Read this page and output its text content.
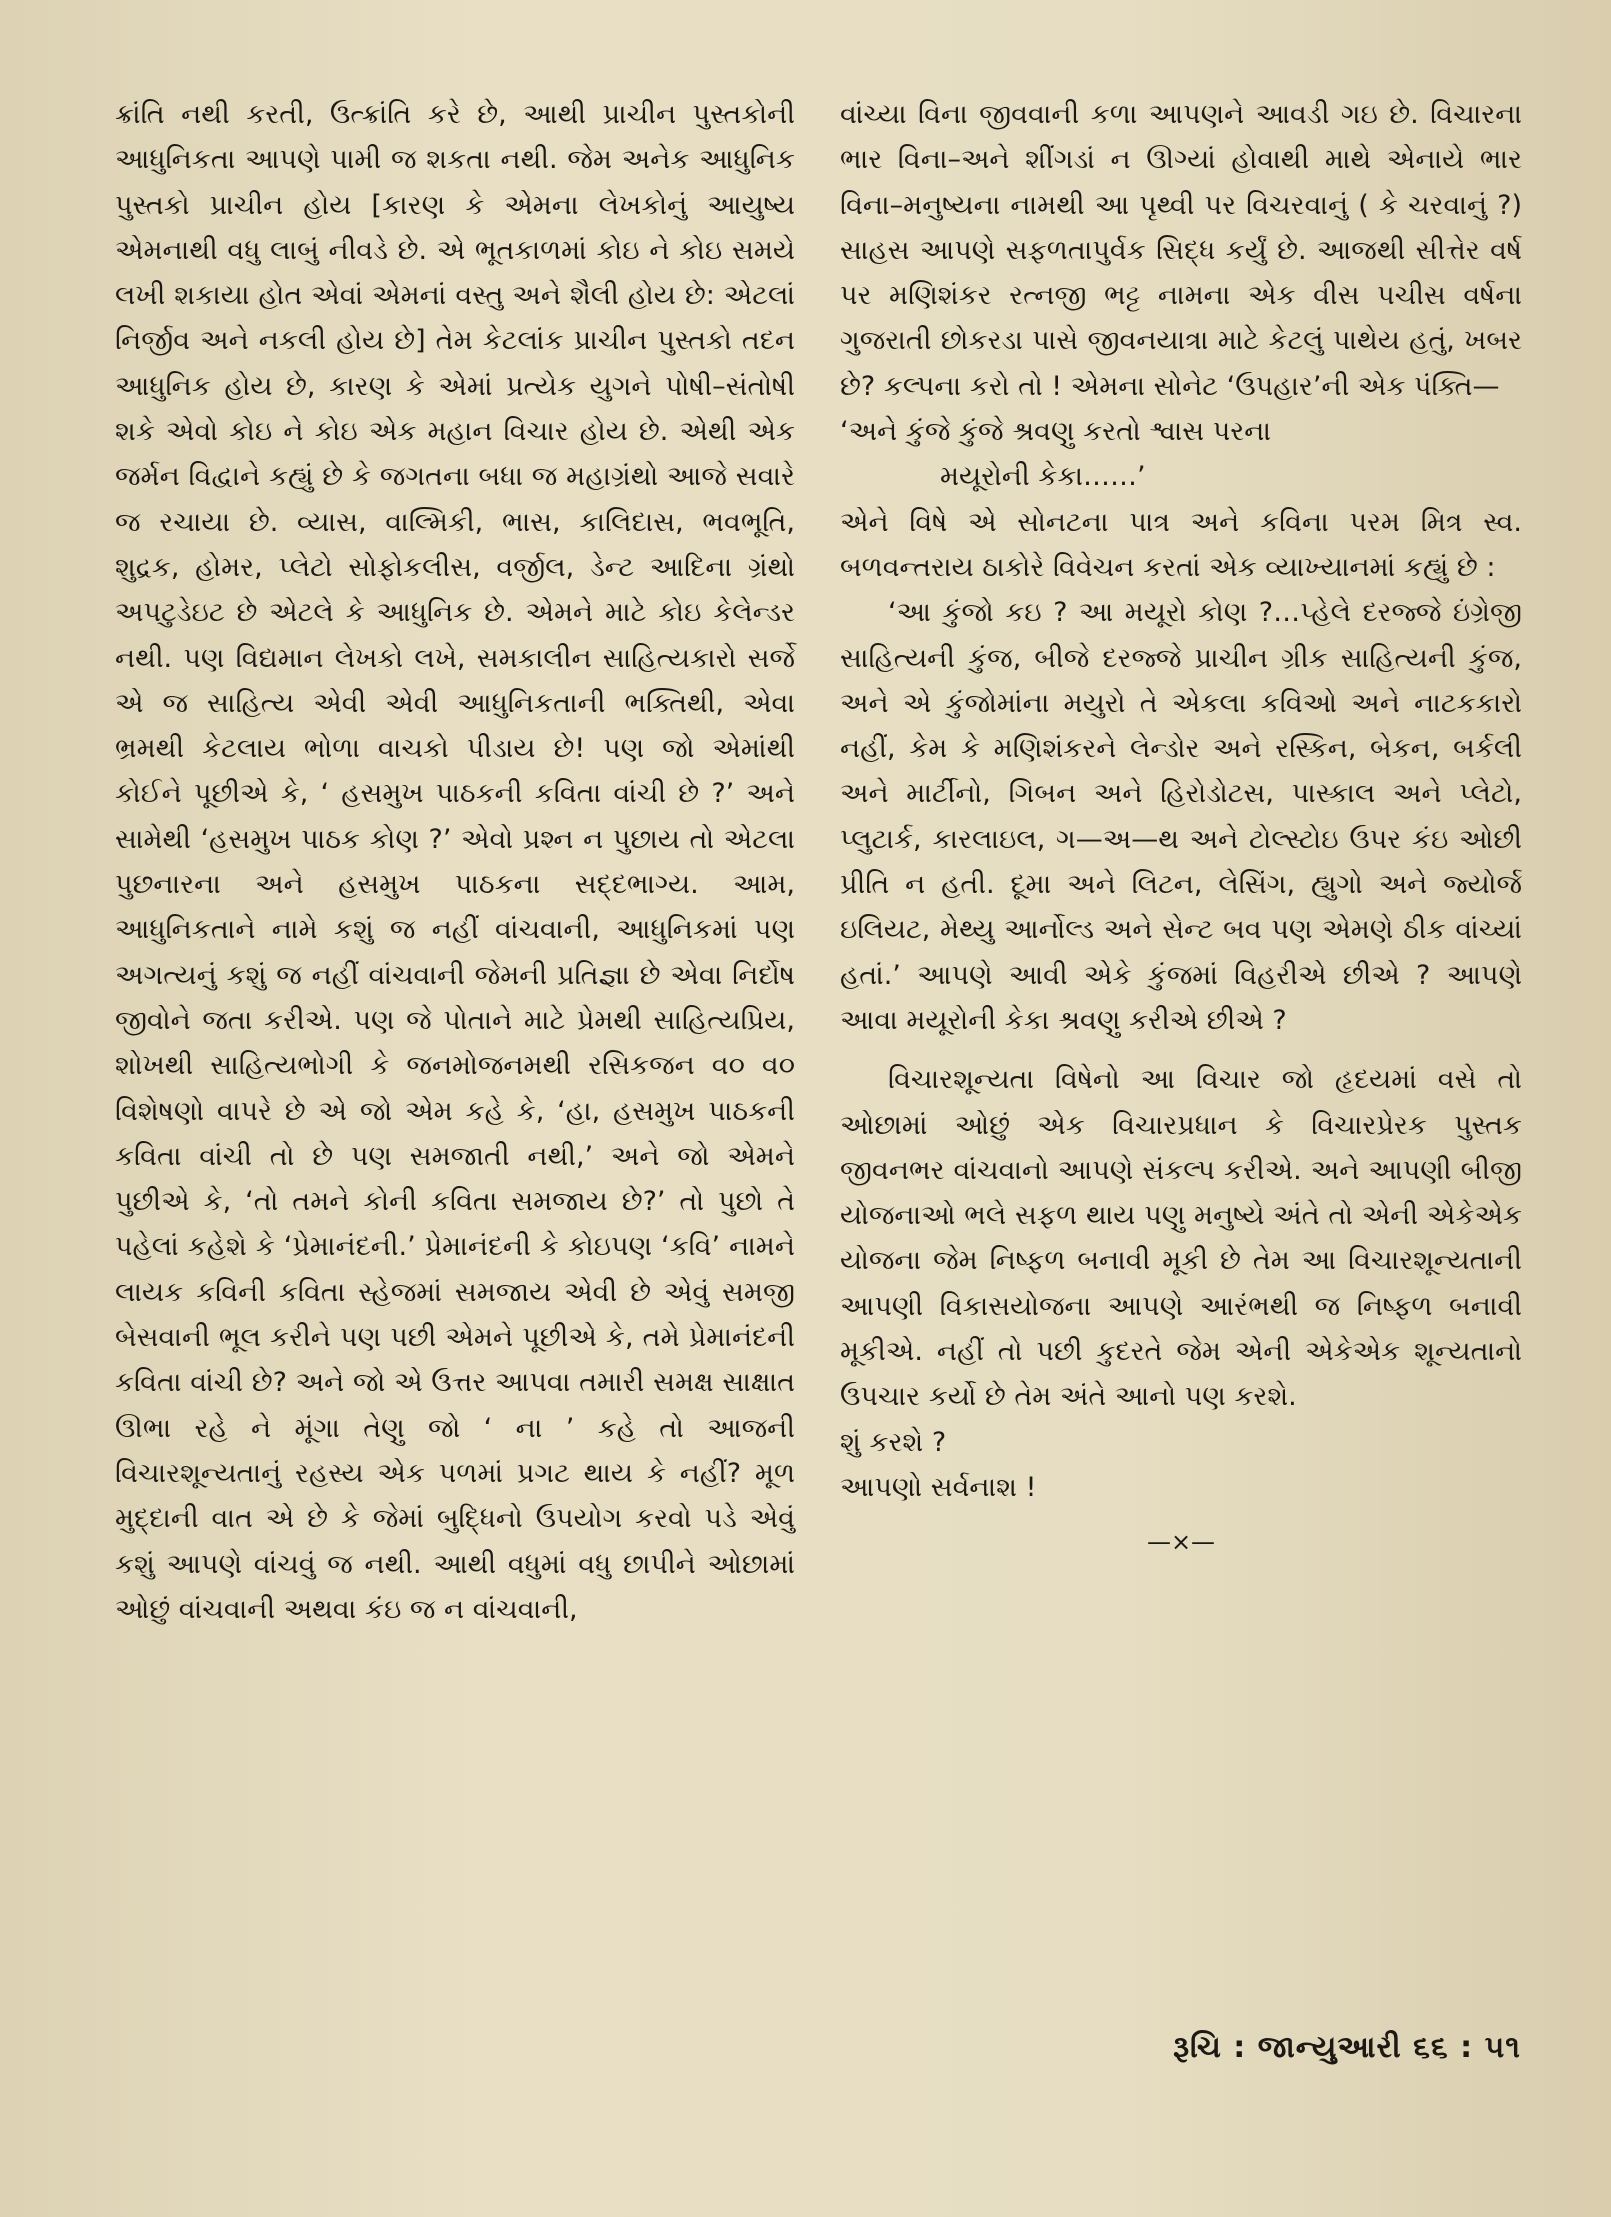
ક્રાંતિ નથી કરતી, ઉત્ક્રાંતિ કરે છે, આથી પ્રાચીન પુસ્તકોની આધુનિકતા આપણે પામી જ શકતા નથી. જેમ અનેક આધુનિક પુસ્તકો પ્રાચીન હોય [કારણ કે એમના લેખકોનું આયુષ્ય એમનાથી વધુ લાબું નીવડે છે. એ ભૂતકાળમાં કોઇ ને કોઇ સમયે લખી શકાયા હોત એવાં એમનાં વસ્તુ અને શૈલી હોય છે: એટલાં નિર્જીવ અને નકલી હોય છે] તેમ કેટલાંક પ્રાચીન પુસ્તકો તદન આધુનિક હોય છે, કારણ કે એમાં પ્રત્યેક યુગને પોષી–સંતોષી શકે એવો કોઇ ને કોઇ એક મહાન વિચાર હોય છે. એથી એક જર્મન વિદ્વાને કહ્યું છે કે જગતના બધા જ મહાગ્રંથો આજે સવારે જ રચાયા છે. વ્યાસ, વાલ્મિકી, ભાસ, કાલિદાસ, ભવભૂતિ, શુદ્રક, હોમર, પ્લેટો સોફોકલીસ, વર્જીલ, ડેન્ટ આદિના ગ્રંથો અપટુડેઇટ છે એટલે કે આધુનિક છે. એમને માટે કોઇ કેલેન્ડર નથી. પણ વિદ્યમાન લેખકો લખે, સમકાલીન સાહિત્યકારો સર્જે એ જ સાહિત્ય એવી એવી આધુનિકતાની ભક્તિથી, એવા ભ્રમથી કેટલાય ભોળા વાચકો પીડાય છે! પણ જો એમાંથી કોઈને પૂછીએ કે, ‘ હસમુખ પાઠકની કવિતા વાંચી છે ?’ અને સામેથી ‘હસમુખ પાઠક કોણ ?’ એવો પ્રશ્ન ન પુછાય તો એટલા પુછનારના અને હસમુખ પાઠકના સદ્દભાગ્ય. આમ, આધુનિકતાને નામે કશું જ નહીં વાંચવાની, આધુનિકમાં પણ અગત્યનું કશું જ નહીં વાંચવાની જેમની પ્રતિજ્ઞા છે એવા નિર્દોષ જીવોને જતા કરીએ. પણ જે પોતાને માટે પ્રેમથી સાહિત્યપ્રિય, શોખથી સાહિત્યભોગી કે જનમોજનમથી રસિકજન વ૦ વ૦ વિશેષણો વાપરે છે એ જો એમ કહે કે, ‘હા, હસમુખ પાઠકની કવિતા વાંચી તો છે પણ સમજાતી નથી,’ અને જો એમને પુછીએ કે, ‘તો તમને કોની કવિતા સમજાય છે?’ તો પુછો તે પહેલાં કહેશે કે ‘પ્રેમાનંદની.’ પ્રેમાનંદની કે કોઇપણ ‘કવિ’ નામને લાયક કવિની કવિતા સ્હેજમાં સમજાય એવી છે એવું સમજી બેસવાની ભૂલ કરીને પણ પછી એમને પૂછીએ કે, તમે પ્રેમાનંદની કવિતા વાંચી છે? અને જો એ ઉત્તર આપવા તમારી સમક્ષ સાક્ષાત ઊભા રહે ને મૂંગા તેણુ જો ‘ ના ’ કહે તો આજની વિચારશૂન્યતાનું રહસ્ય એક પળમાં પ્રગટ થાય કે નહીં? મૂળ મુદ્દાની વાત એ છે કે જેમાં બુદ્ધિનો ઉપયોગ કરવો પડે એવું કશું આપણે વાંચવું જ નથી. આથી વધુમાં વધુ છાપીને ઓછામાં ઓછું વાંચવાની અથવા કંઇ જ ન વાંચવાની,

વાંચ્યા વિના જીવવાની કળા આપણને આવડી ગઇ છે. વિચારના ભાર વિના–અને શીંગડાં ન ઊગ્યાં હોવાથી માથે એનાયે ભાર વિના–મનુષ્યના નામથી આ પૃથ્વી પર વિચરવાનું ( કે ચરવાનું ?) સાહસ આપણે સફળતાપુર્વક સિદ્ધ કર્યું છે. આજથી સીત્તેર વર્ષ પર મણિશંકર રત્નજી ભટ્ટ નામના એક વીસ પચીસ વર્ષના ગુજરાતી છોકરડા પાસે જીવનયાત્રા માટે કેટલું પાથેય હતું, ખબર છે? કલ્પના કરો તો ! એમના સોનેટ ‘ઉપહાર’ની એક પંક્તિ—

‘અને કુંજે કુંજે શ્રવણુ કરતો શ્વાસ પરના

મયૂરોની કેકા……’

એને વિષે એ સોનટના પાત્ર અને કવિના પરમ મિત્ર સ્વ. બળવન્તરાય ઠાકોરે વિવેચન કરતાં એક વ્યાખ્યાનમાં કહ્યું છે :

‘આ કુંજો કઇ ? આ મયૂરો કોણ ?…પ્હેલે દરજ્જે ઇંગ્રેજી સાહિત્યની કુંજ, બીજે દરજ્જે પ્રાચીન ગ્રીક સાહિત્યની કુંજ, અને એ કુંજોમાંના મયુરો તે એકલા કવિઓ અને નાટકકારો નહીં, કેમ કે મણિશંકરને લેન્ડોર અને રસ્કિન, બેકન, બર્કલી અને માર્ટીનો, ગિબન અને હિરોડોટસ, પાસ્કાલ અને પ્લેટો, પ્લુટાર્ક, કારલાઇલ, ગ—અ—થ અને ટોલ્સ્ટોઇ ઉપર કંઇ ઓછી પ્રીતિ ન હતી. દૂમા અને લિટન, લેસિંગ, હ્યુગો અને જ્યોર્જ ઇલિયટ, મેથ્યુ આર્નોલ્ડ અને સેન્ટ બવ પણ એમણે ઠીક વાંચ્યાં હતાં.’ આપણે આવી એકે કુંજમાં વિહરીએ છીએ ? આપણે આવા મયૂરોની કેકા શ્રવણુ કરીએ છીએ ?

વિચારશૂન્યતા વિષેનો આ વિચાર જો હૃદયમાં વસે તો ઓછામાં ઓછું એક વિચારપ્રધાન કે વિચારપ્રેરક પુસ્તક જીવનભર વાંચવાનો આપણે સંકલ્પ કરીએ. અને આપણી બીજી યોજનાઓ ભલે સફળ થાય પણુ મનુષ્યે અંતે તો એની એકેએક યોજના જેમ નિષ્ફળ બનાવી મૂકી છે તેમ આ વિચારશૂન્યતાની આપણી વિકાસયોજના આપણે આરંભથી જ નિષ્ફળ બનાવી મૂકીએ. નહીં તો પછી કુદરતે જેમ એની એકેએક શૂન્યતાનો ઉપચાર કર્યો છે તેમ અંતે આનો પણ કરશે.

શું કરશે ?

આપણો સર્વનાશ !

—×—
રૂચિ : જાન્યુઆરી ૬૬ : ૫૧
